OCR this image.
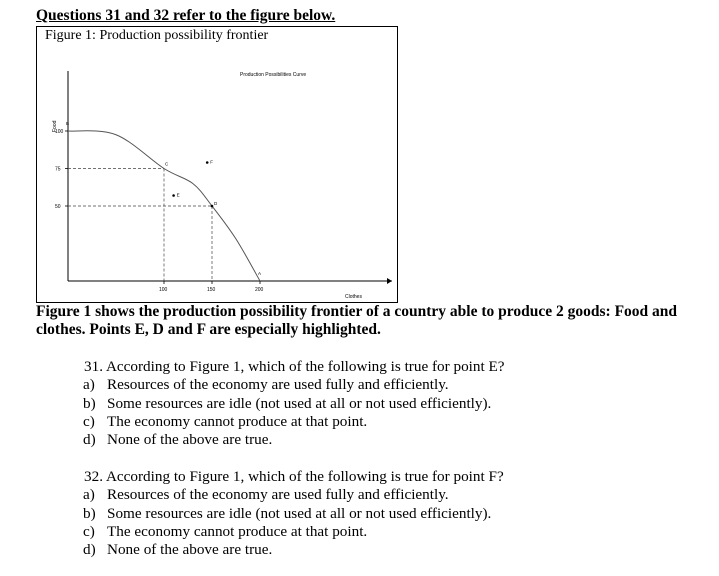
Questions 31 and 32 refer to the figure below.
Figure 1: Production possibility frontier
Production Possibilities Curve
Clothes
Food
100	150	200
100
75
50
B
C
D
A
E
F
Figure 1 shows the production possibility frontier of a country able to produce 2 goods: Food and clothes. Points E, D and F are especially highlighted.
31. According to Figure 1, which of the following is true for point E?
a) Resources of the economy are used fully and efficiently.
b) Some resources are idle (not used at all or not used efficiently).
c) The economy cannot produce at that point.
d) None of the above are true.
32. According to Figure 1, which of the following is true for point F?
a) Resources of the economy are used fully and efficiently.
b) Some resources are idle (not used at all or not used efficiently).
c) The economy cannot produce at that point.
d) None of the above are true.
